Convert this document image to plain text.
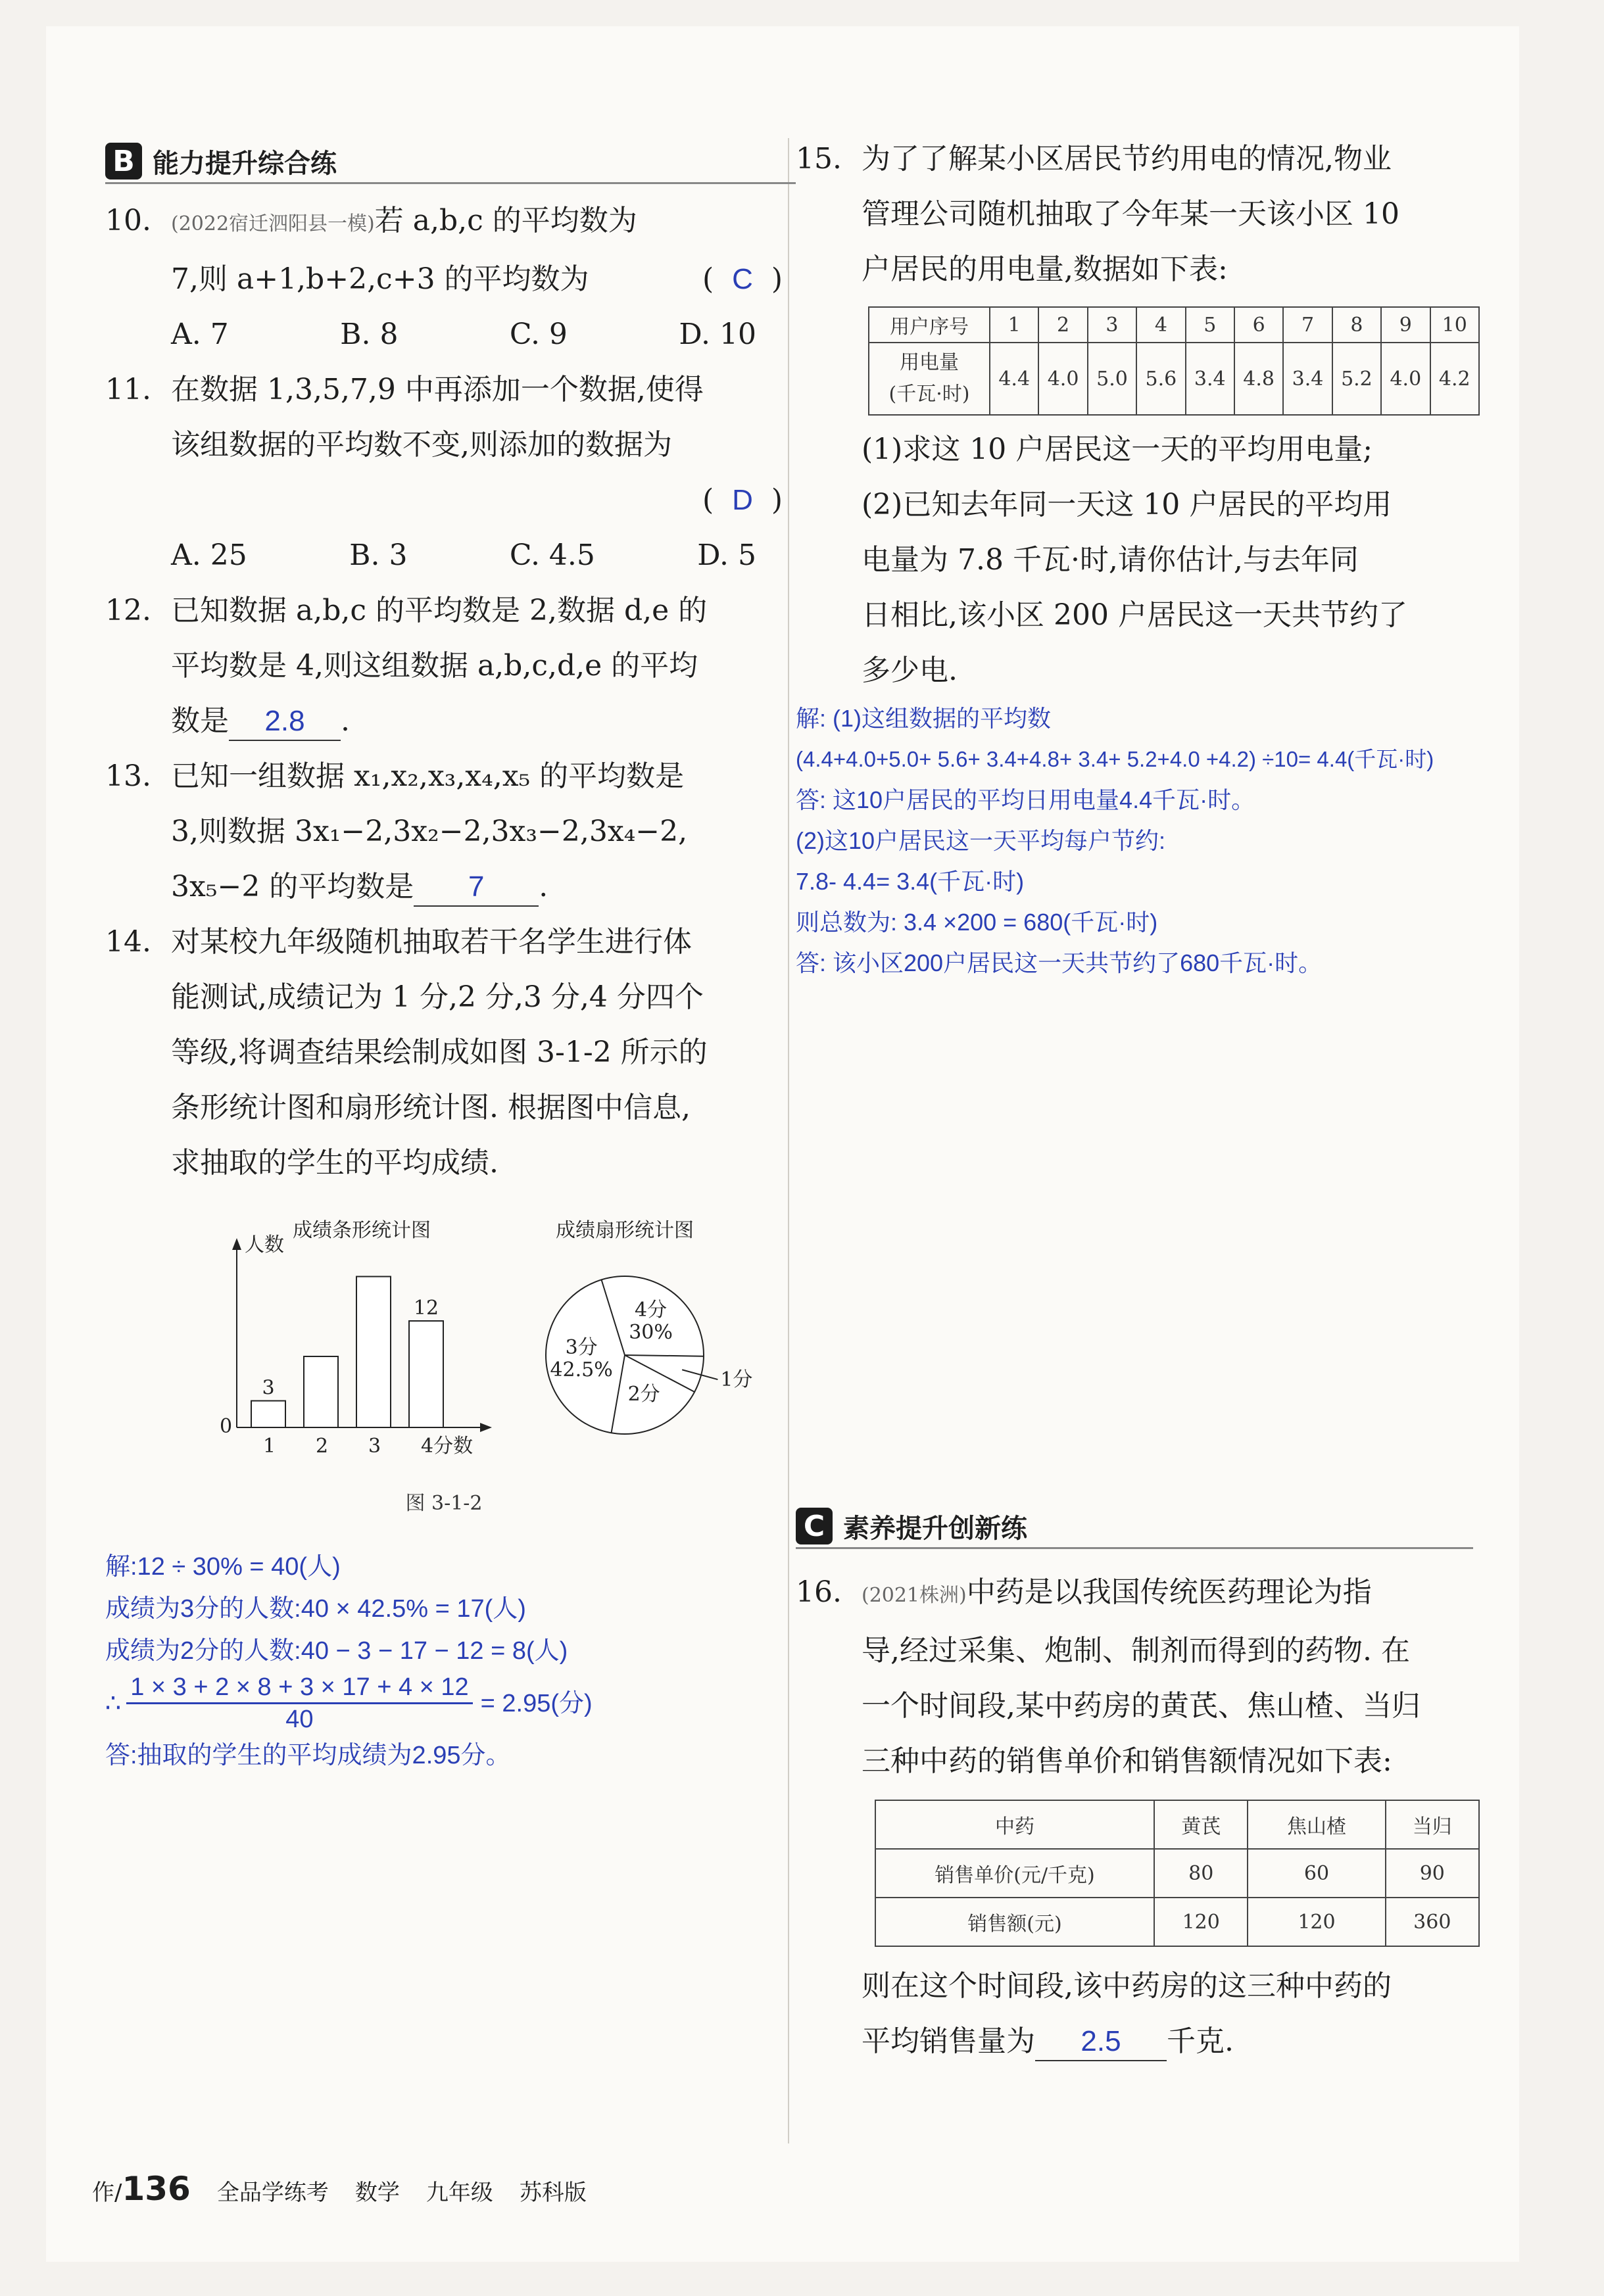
B 能力提升综合练
10.	(2022宿迁泗阳县一模)若 a,b,c 的平均数为
7,则 a+1,b+2,c+3 的平均数为	(  C  )
A. 7	B. 8	C. 9	D. 10
11. 在数据 1,3,5,7,9 中再添加一个数据,使得
该组数据的平均数不变,则添加的数据为
( D )
A. 25	B. 3	C. 4.5	D. 5
12. 已知数据 a,b,c 的平均数是 2,数据 d,e 的
平均数是 4,则这组数据 a,b,c,d,e 的平均
数是 2.8 .
13. 已知一组数据 x₁,x₂,x₃,x₄,x₅ 的平均数是
3,则数据 3x₁−2,3x₂−2,3x₃−2,3x₄−2,
3x₅−2 的平均数是 7 .
14. 对某校九年级随机抽取若干名学生进行体
能测试,成绩记为 1 分,2 分,3 分,4 分四个
等级,将调查结果绘制成如图 3-1-2 所示的
条形统计图和扇形统计图. 根据图中信息,
求抽取的学生的平均成绩.
成绩条形统计图
人数
0
1
3
2 3 4分数
12
成绩扇形统计图
4分
30%
1分
2分
3分
42.5%
图 3-1-2
解:12 ÷ 30% = 40(人)
成绩为3分的人数:40 × 42.5% = 17(人)
成绩为2分的人数:40 − 3 − 17 − 12 = 8(人)
∴ $\frac{1 \times 3 + 2 \times 8 + 3 \times 17 + 4 \times 12}{40} = 2.95$(分)
答:抽取的学生的平均成绩为2.95分。
15. 为了了解某小区居民节约用电的情况,物业
管理公司随机抽取了今年某一天该小区 10
户居民的用电量,数据如下表:
用户序号	1	2	3	4	5	6	7	8	9	10

用电量
(千瓦·时)	4.4	4.0	5.0	5.6	3.4	4.8	3.4	5.2	4.0	4.2
(1)求这 10 户居民这一天的平均用电量;
(2)已知去年同一天这 10 户居民的平均用
电量为 7.8 千瓦·时,请你估计,与去年同
日相比,该小区 200 户居民这一天共节约了
多少电.
解: (1)这组数据的平均数
(4.4+4.0+5.0+ 5.6+ 3.4+4.8+ 3.4+ 5.2+4.0 +4.2) ÷10= 4.4(千瓦·时)
答: 这10户居民的平均日用电量4.4千瓦·时。
(2)这10户居民这一天平均每户节约:
7.8- 4.4= 3.4(千瓦·时)
则总数为: 3.4 ×200 = 680(千瓦·时)
答: 该小区200户居民这一天共节约了680千瓦·时。
C 素养提升创新练
16.	(2021株洲)中药是以我国传统医药理论为指
导,经过采集、炮制、制剂而得到的药物. 在
一个时间段,某中药房的黄芪、焦山楂、当归
三种中药的销售单价和销售额情况如下表:
中药	黄芪	焦山楂	当归
销售单价(元/千克)	80	60	90
销售额(元)	120	120	360
则在这个时间段,该中药房的这三种中药的
平均销售量为 2.5 千克.
作/ 136 全品学练考 数学 九年级 苏科版
